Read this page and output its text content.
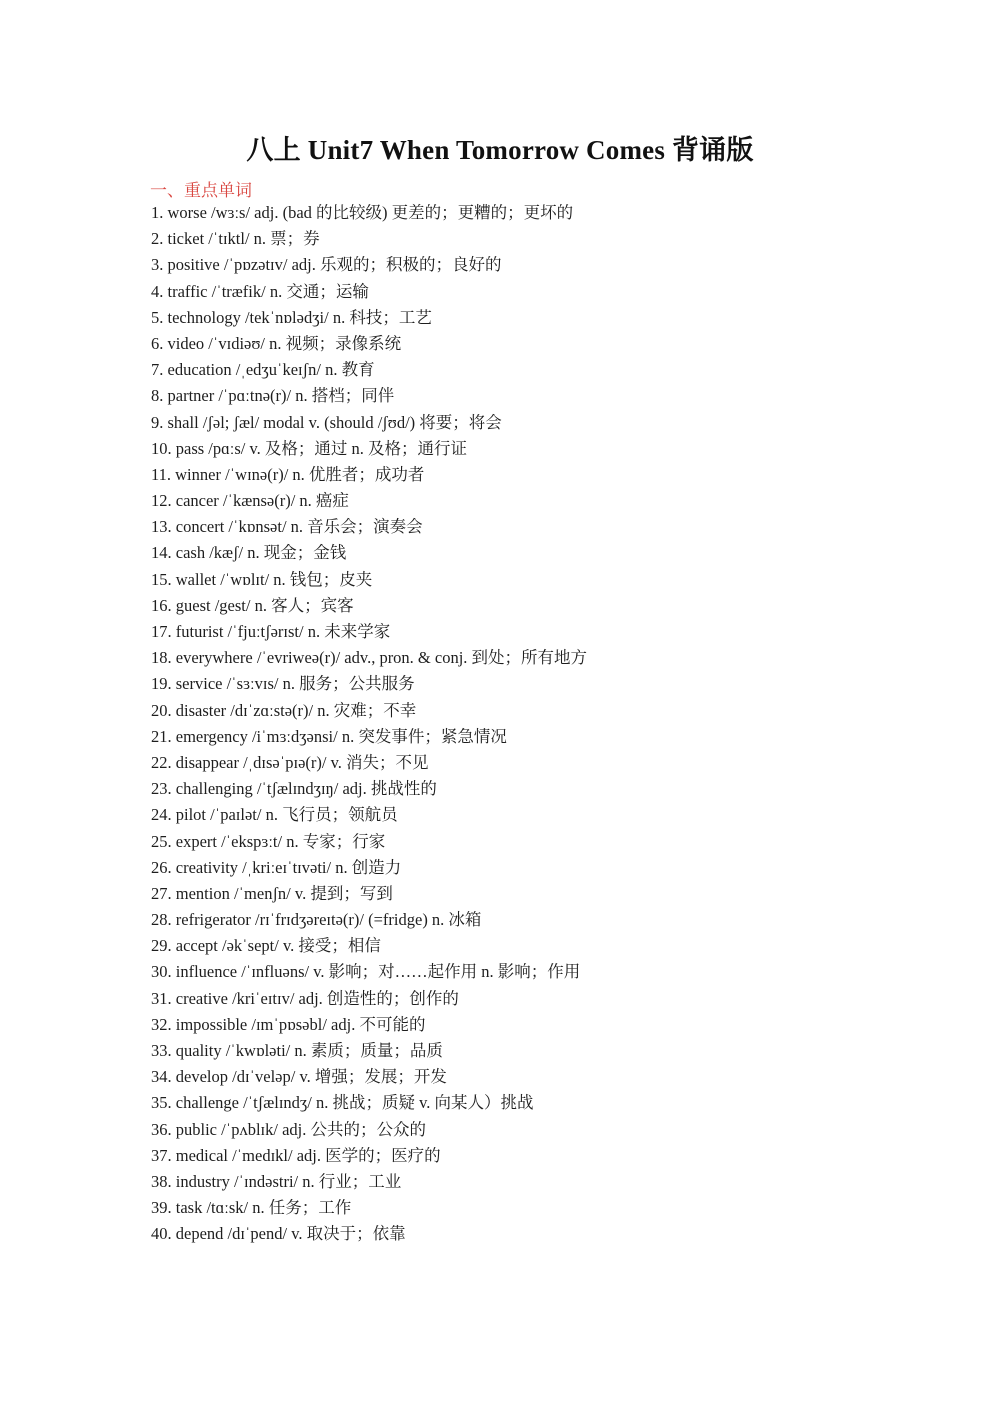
八上 Unit7 When Tomorrow Comes 背诵版
一、重点单词
1. worse /wɜːs/ adj. (bad 的比较级) 更差的；更糟的；更坏的
2. ticket /ˈtɪktl/ n. 票；券
3. positive /ˈpɒzətɪv/ adj. 乐观的；积极的；良好的
4. traffic /ˈtræfik/ n. 交通；运输
5. technology /tekˈnɒlədʒi/ n. 科技；工艺
6. video /ˈvɪdiəʊ/ n. 视频；录像系统
7. education /ˌedʒuˈkeɪʃn/ n. 教育
8. partner /ˈpɑːtnə(r)/ n. 搭档；同伴
9. shall /ʃəl; ʃæl/ modal v. (should /ʃʊd/) 将要；将会
10. pass /pɑːs/ v. 及格；通过 n. 及格；通行证
11. winner /ˈwɪnə(r)/ n. 优胜者；成功者
12. cancer /ˈkænsə(r)/ n. 癌症
13. concert /ˈkɒnsət/ n. 音乐会；演奏会
14. cash /kæʃ/ n. 现金；金钱
15. wallet /ˈwɒlɪt/ n. 钱包；皮夹
16. guest /gest/ n. 客人；宾客
17. futurist /ˈfjuːtʃərɪst/ n. 未来学家
18. everywhere /ˈevriweə(r)/ adv., pron. & conj. 到处；所有地方
19. service /ˈsɜːvɪs/ n. 服务；公共服务
20. disaster /dɪˈzɑːstə(r)/ n. 灾难；不幸
21. emergency /iˈmɜːdʒənsi/ n. 突发事件；紧急情况
22. disappear /ˌdɪsəˈpɪə(r)/ v. 消失；不见
23. challenging /ˈtʃælɪndʒɪŋ/ adj. 挑战性的
24. pilot /ˈpaɪlət/ n. 飞行员；领航员
25. expert /ˈekspɜːt/ n. 专家；行家
26. creativity /ˌkriːeɪˈtɪvəti/ n. 创造力
27. mention /ˈmenʃn/ v. 提到；写到
28. refrigerator /rɪˈfrɪdʒəreɪtə(r)/ (=fridge) n. 冰箱
29. accept /əkˈsept/ v. 接受；相信
30. influence /ˈɪnfluəns/ v. 影响；对……起作用 n. 影响；作用
31. creative /kriˈeɪtɪv/ adj. 创造性的；创作的
32. impossible /ɪmˈpɒsəbl/ adj. 不可能的
33. quality /ˈkwɒləti/ n. 素质；质量；品质
34. develop /dɪˈveləp/ v. 增强；发展；开发
35. challenge /ˈtʃælɪndʒ/ n. 挑战；质疑 v. 向某人）挑战
36. public /ˈpʌblɪk/ adj. 公共的；公众的
37. medical /ˈmedɪkl/ adj. 医学的；医疗的
38. industry /ˈɪndəstri/ n. 行业；工业
39. task /tɑːsk/ n. 任务；工作
40. depend /dɪˈpend/ v. 取决于；依靠
